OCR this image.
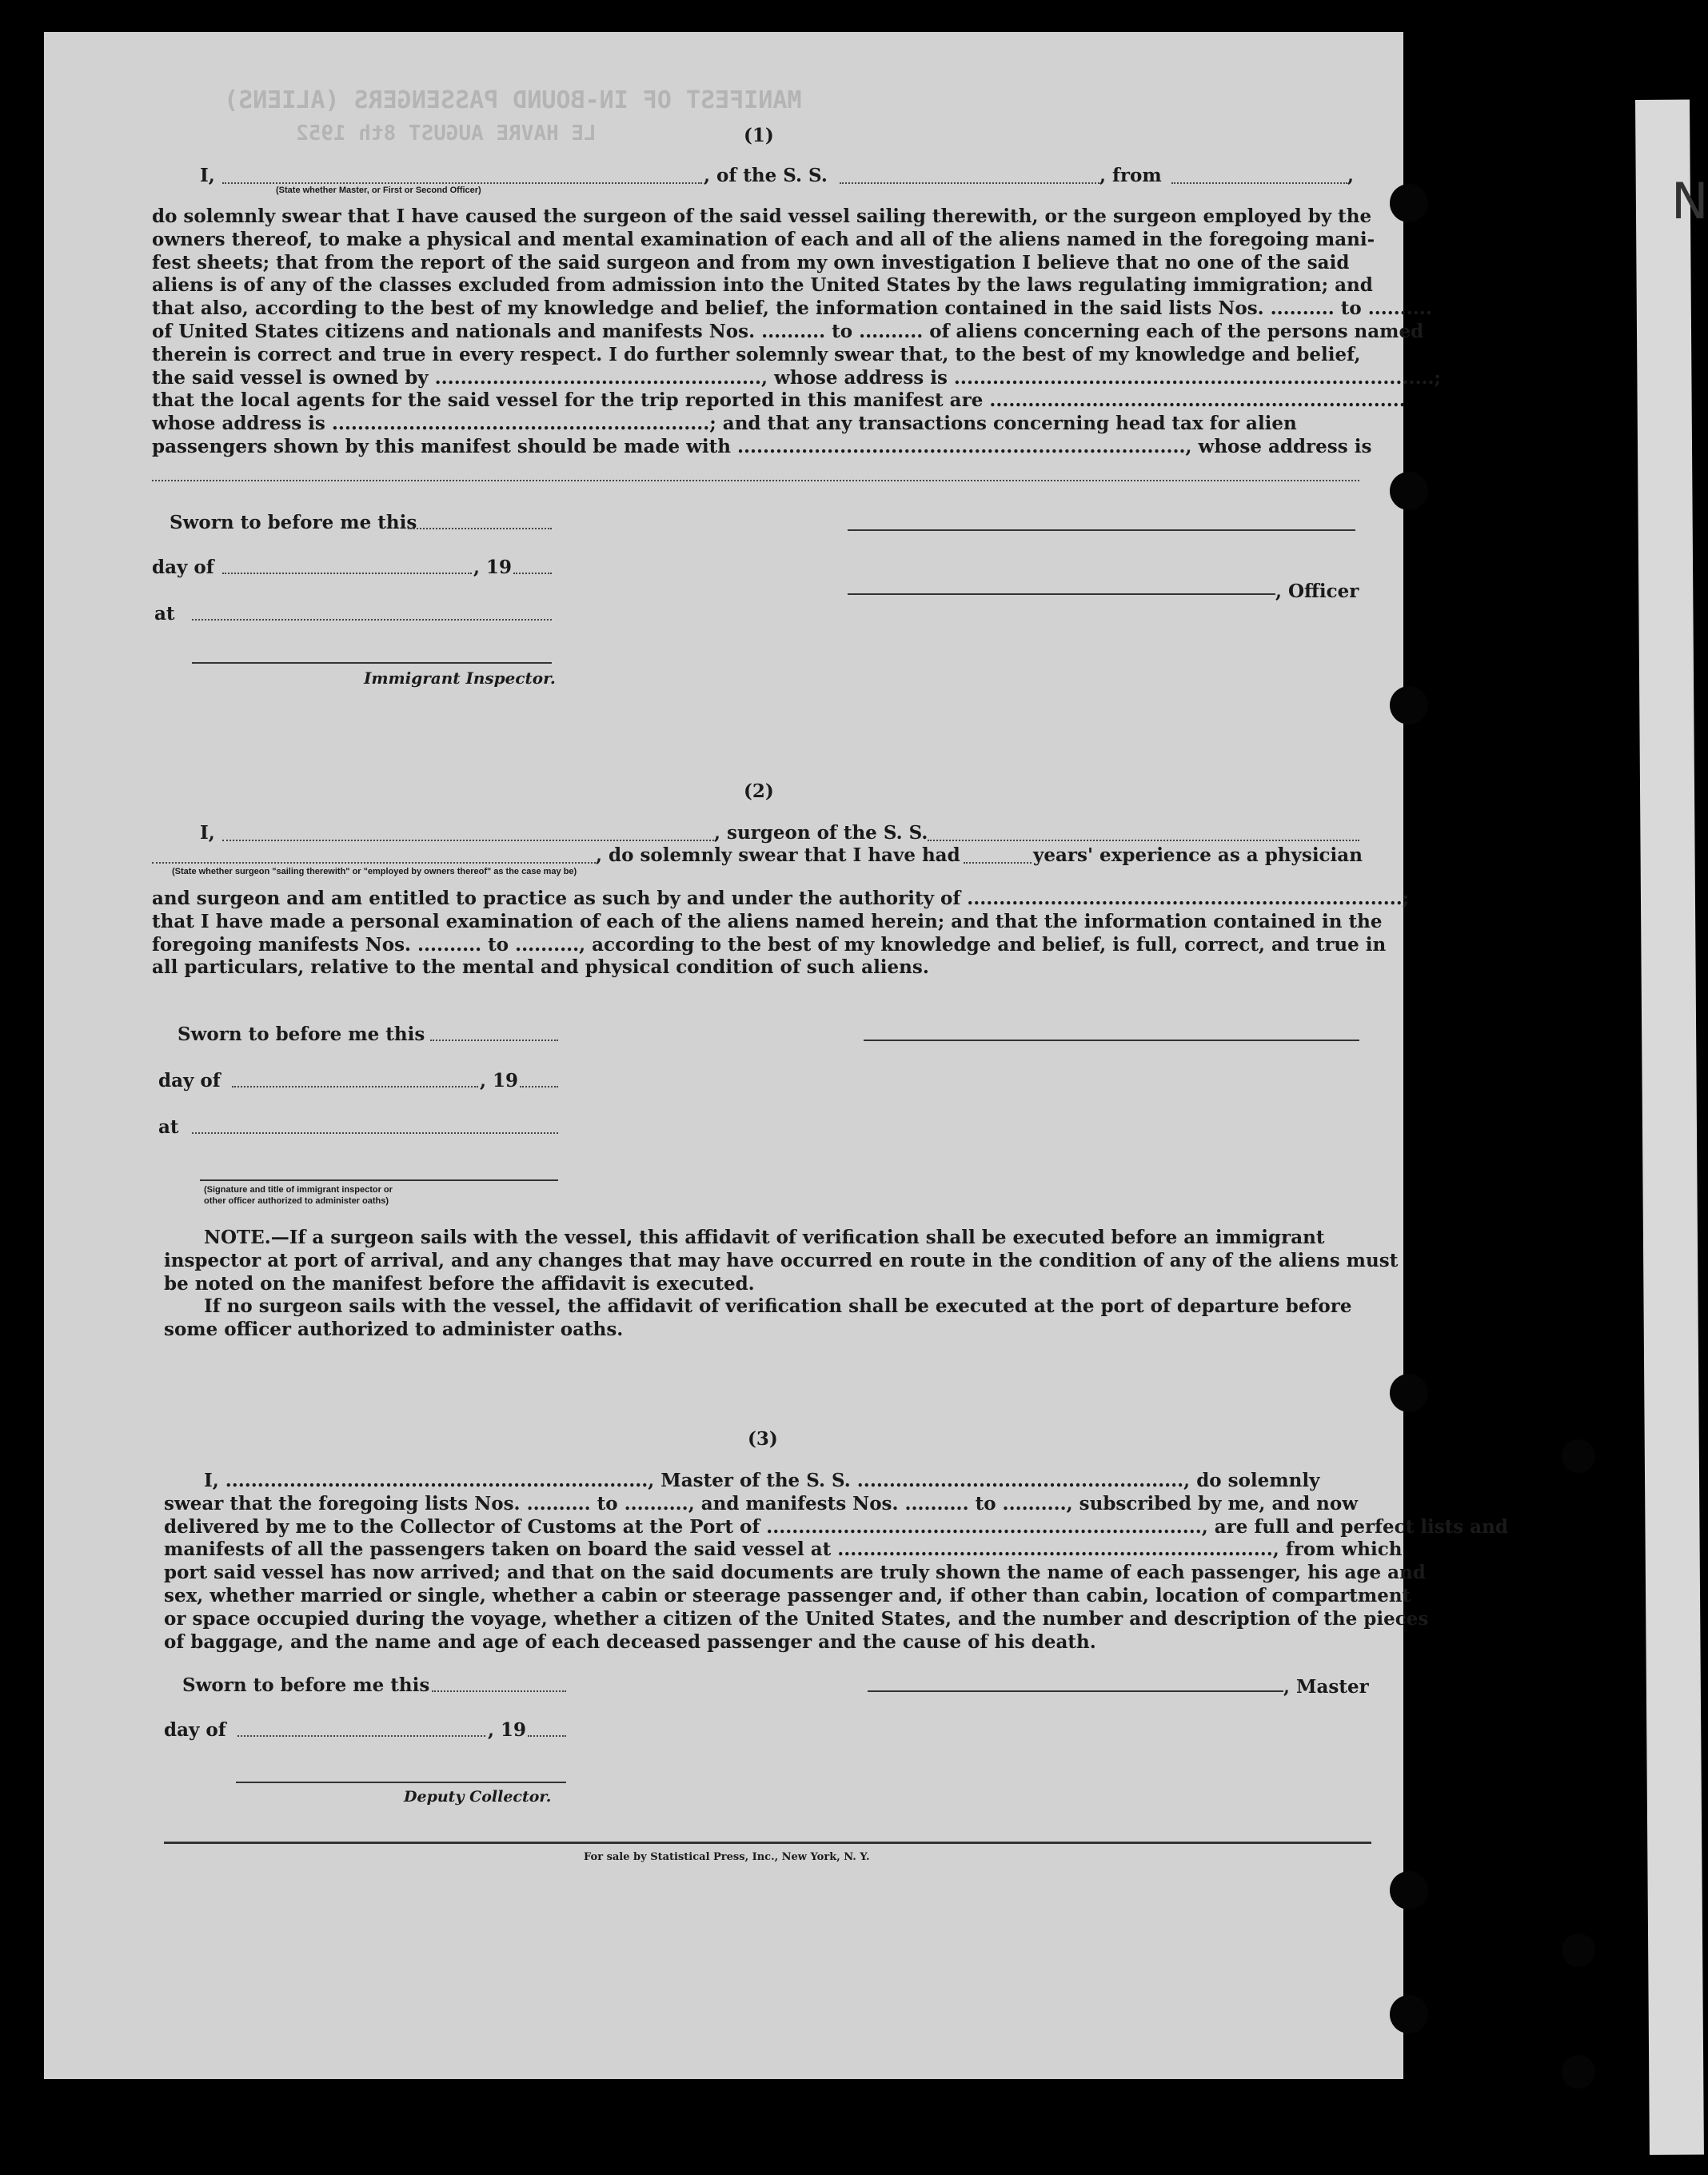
N
MANIFEST OF IN-BOUND PASSENGERS (ALIENS)
LE HAVRE AUGUST 8th 1952	(1)
I,
(State whether Master, or First or Second Officer)
, of the S. S.	, from	,
do solemnly swear that I have caused the surgeon of the said vessel sailing therewith, or the surgeon employed by the
owners thereof, to make a physical and mental examination of each and all of the aliens named in the foregoing mani-
fest sheets; that from the report of the said surgeon and from my own investigation I believe that no one of the said
aliens is of any of the classes excluded from admission into the United States by the laws regulating immigration; and
that also, according to the best of my knowledge and belief, the information contained in the said lists Nos. .......... to ..........
of United States citizens and nationals and manifests Nos. .......... to .......... of aliens concerning each of the persons named
therein is correct and true in every respect. I do further solemnly swear that, to the best of my knowledge and belief,
the said vessel is owned by ..................................................., whose address is ...........................................................................;
that the local agents for the said vessel for the trip reported in this manifest are .................................................................
whose address is ...........................................................; and that any transactions concerning head tax for alien
passengers shown by this manifest should be made with ......................................................................, whose address is
Sworn to before me this
day of	, 19
at
, Officer
Immigrant Inspector.
(2)
I,	, surgeon of the S. S.
, do solemnly swear that I have had	years' experience as a physician
(State whether surgeon "sailing therewith" or "employed by owners thereof" as the case may be)
and surgeon and am entitled to practice as such by and under the authority of ....................................................................;
that I have made a personal examination of each of the aliens named herein; and that the information contained in the
foregoing manifests Nos. .......... to .........., according to the best of my knowledge and belief, is full, correct, and true in
all particulars, relative to the mental and physical condition of such aliens.
Sworn to before me this
day of	, 19
at
(Signature and title of immigrant inspector or
other officer authorized to administer oaths)
NOTE.—If a surgeon sails with the vessel, this affidavit of verification shall be executed before an immigrant
inspector at port of arrival, and any changes that may have occurred en route in the condition of any of the aliens must
be noted on the manifest before the affidavit is executed.
If no surgeon sails with the vessel, the affidavit of verification shall be executed at the port of departure before
some officer authorized to administer oaths.
(3)
I, .................................................................., Master of the S. S. ..................................................., do solemnly
swear that the foregoing lists Nos. .......... to .........., and manifests Nos. .......... to .........., subscribed by me, and now
delivered by me to the Collector of Customs at the Port of ...................................................................., are full and perfect lists and
manifests of all the passengers taken on board the said vessel at ...................................................................., from which
port said vessel has now arrived; and that on the said documents are truly shown the name of each passenger, his age and
sex, whether married or single, whether a cabin or steerage passenger and, if other than cabin, location of compartment
or space occupied during the voyage, whether a citizen of the United States, and the number and description of the pieces
of baggage, and the name and age of each deceased passenger and the cause of his death.
Sworn to before me this	, Master
day of	, 19
Deputy Collector.
For sale by Statistical Press, Inc., New York, N. Y.
